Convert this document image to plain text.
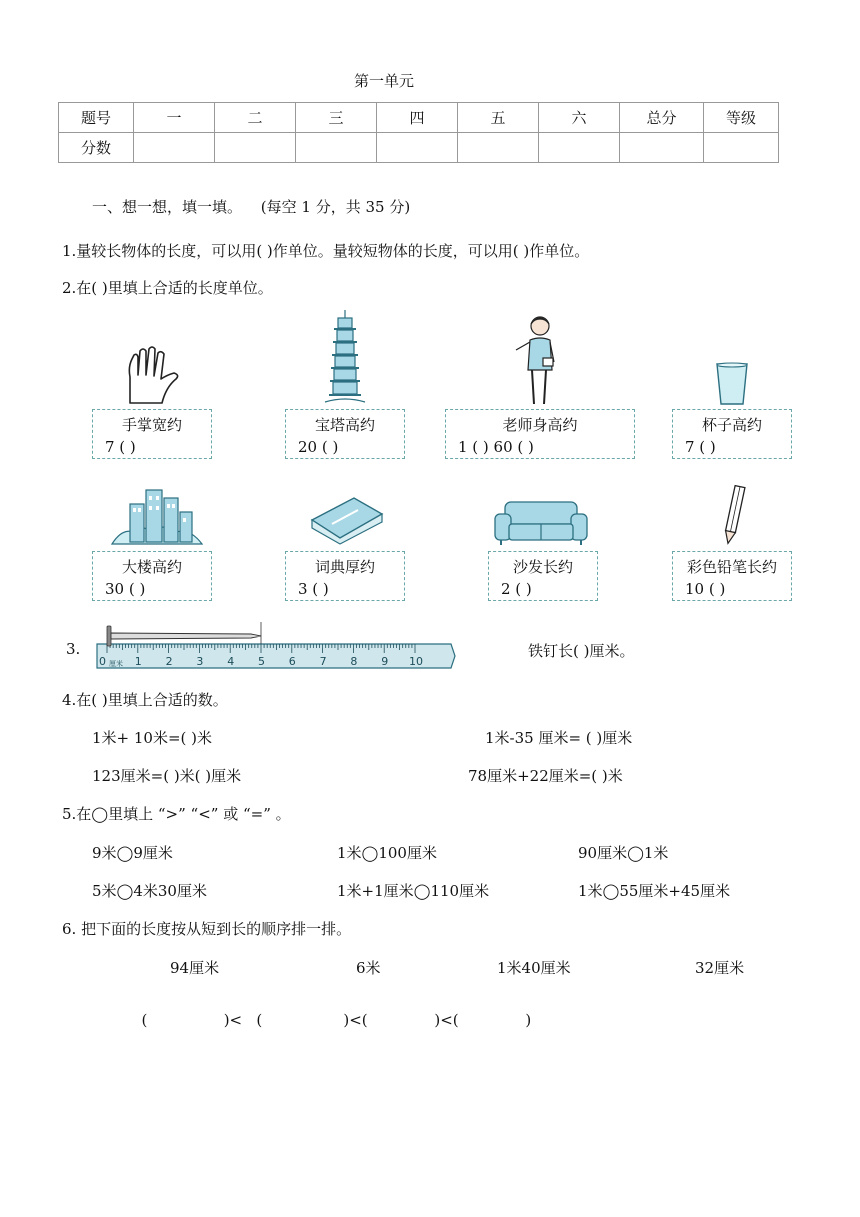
第一单元
题号	一	二	三	四	五	六	总分	等级
分数								
一、想一想，填一填。 (每空 1 分，共 35 分)
1.量较长物体的长度，可以用( )作单位。量较短物体的长度，可以用( )作单位。
2.在( )里填上合适的长度单位。
手掌宽约
7 ( )
宝塔高约
20 ( )
老师身高约
1 ( ) 60 ( )
杯子高约
7 ( )
大楼高约
30 ( )
词典厚约
3 ( )
沙发长约
2 ( )
彩色铅笔长约
10 ( )
3.
1 2 3 4 5 6 7 8 9 10
0 厘米
铁钉长( )厘米。
4.在( )里填上合适的数。
1米+ 10米=( )米	1米-35 厘米= ( )厘米
123厘米=( )米( )厘米	78厘米+22厘米=( )米
5.在◯里填上 “>” “<” 或 “=” 。
9米◯9厘米	1米◯100厘米	90厘米◯1米
5米◯4米30厘米	1米+1厘米◯110厘米	1米◯55厘米+45厘米
6. 把下面的长度按从短到长的顺序排一排。
94厘米	6米	1米40厘米	32厘米

(                )<   (                 )<(              )<(              )
